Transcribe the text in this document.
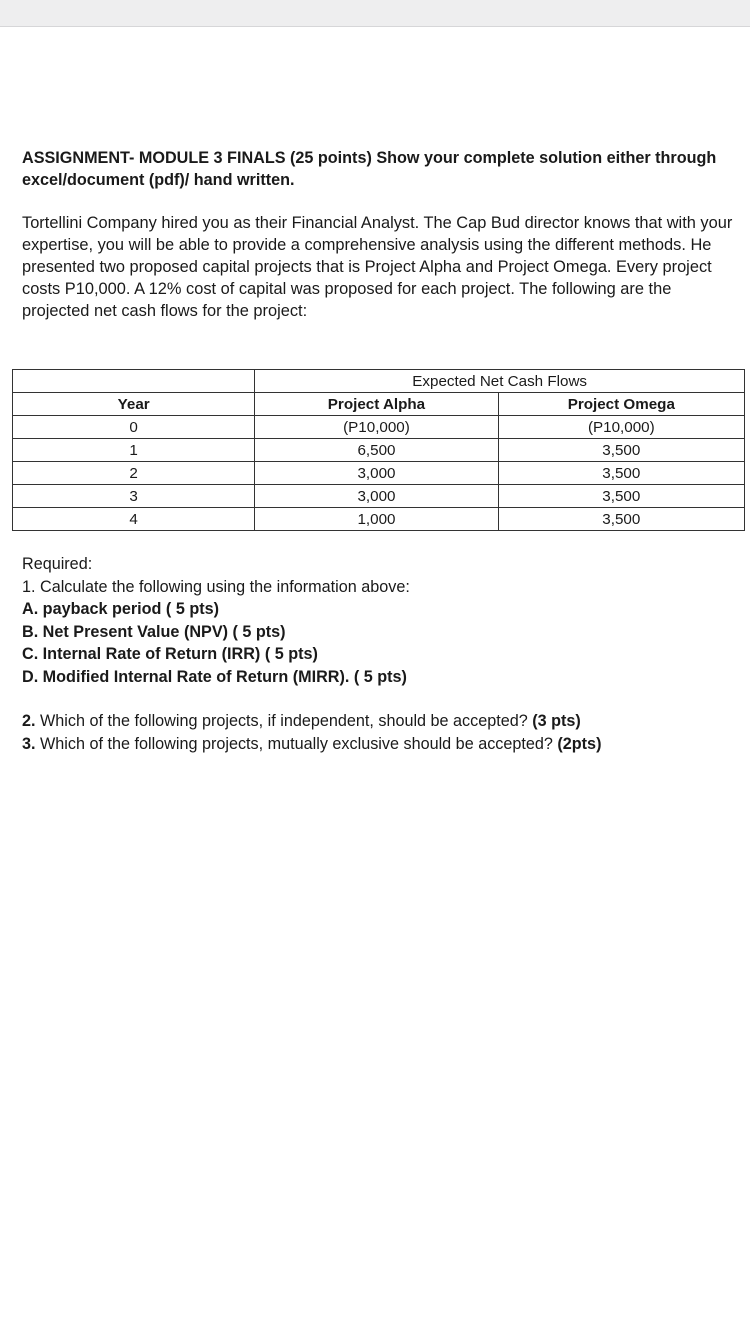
ASSIGNMENT- MODULE 3 FINALS (25 points) Show your complete solution either through excel/document (pdf)/ hand written.

Tortellini Company hired you as their Financial Analyst. The Cap Bud director knows that with your expertise, you will be able to provide a comprehensive analysis using the different methods. He presented two proposed capital projects that is Project Alpha and Project Omega. Every project costs P10,000. A 12% cost of capital was proposed for each project. The following are the projected net cash flows for the project:

	Expected Net Cash Flows	
Year	Project Alpha	Project Omega
0	(P10,000)	(P10,000)
1	6,500	3,500
2	3,000	3,500
3	3,000	3,500
4	1,000	3,500

Required:

1. Calculate the following using the information above:

A. payback period ( 5 pts)

B. Net Present Value (NPV) ( 5 pts)

C. Internal Rate of Return (IRR) ( 5 pts)

D. Modified Internal Rate of Return (MIRR). ( 5 pts)

2. Which of the following projects, if independent, should be accepted? (3 pts)

3. Which of the following projects, mutually exclusive should be accepted? (2pts)
